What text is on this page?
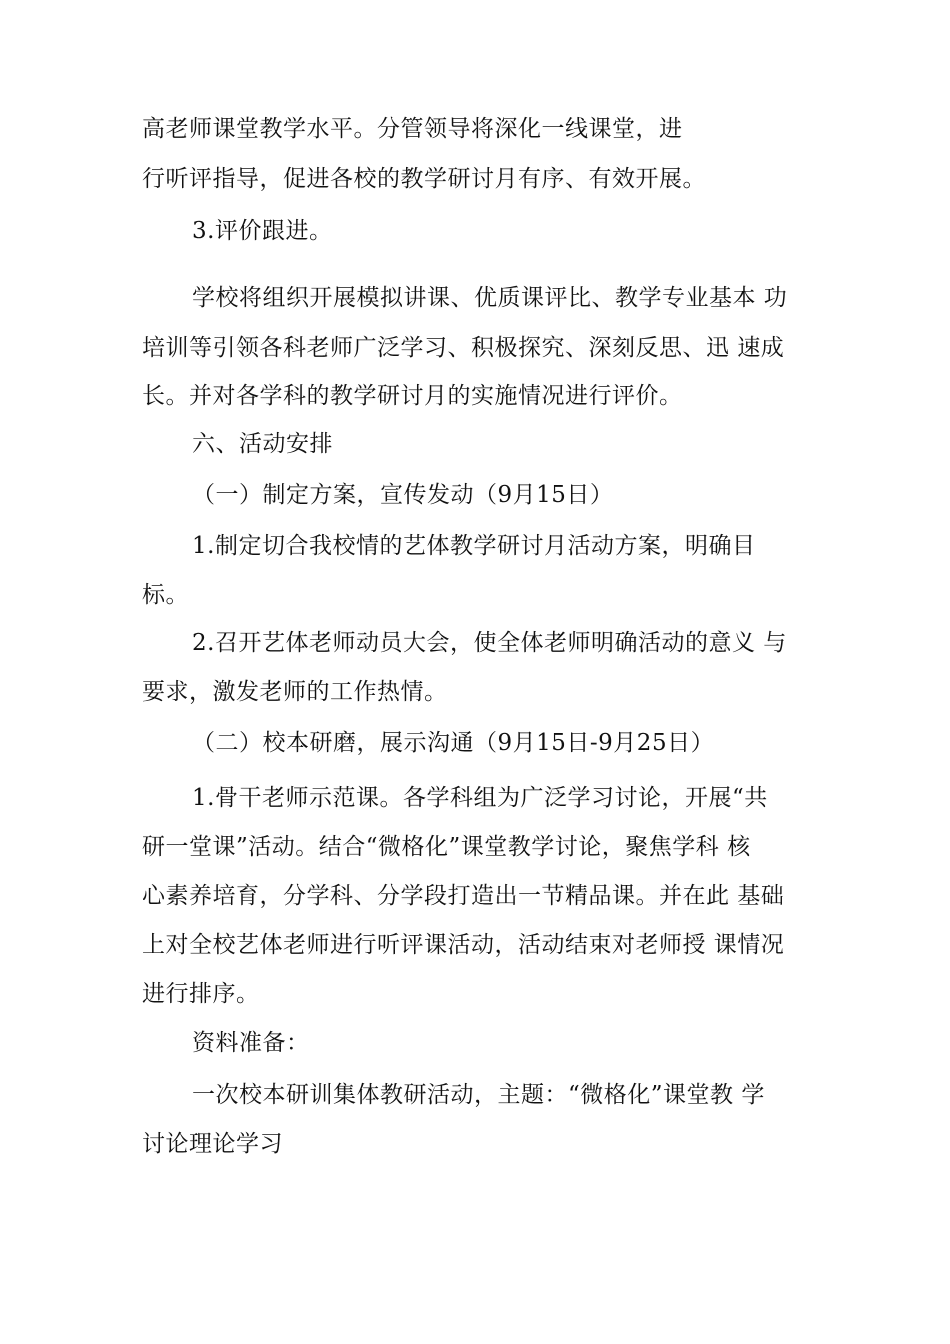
高老师课堂教学水平。分管领导将深化一线课堂，进
行听评指导，促进各校的教学研讨月有序、有效开展。
3.评价跟进。
学校将组织开展模拟讲课、优质课评比、教学专业基本 功
培训等引领各科老师广泛学习、积极探究、深刻反思、迅 速成
长。并对各学科的教学研讨月的实施情况进行评价。
六、活动安排
（一）制定方案，宣传发动（9月15日）
1.制定切合我校情的艺体教学研讨月活动方案，明确目
标。
2.召开艺体老师动员大会，使全体老师明确活动的意义 与
要求，激发老师的工作热情。
（二）校本研磨，展示沟通（9月15日-9月25日）
1.骨干老师示范课。各学科组为广泛学习讨论，开展“共
研一堂课”活动。结合“微格化”课堂教学讨论，聚焦学科 核
心素养培育，分学科、分学段打造出一节精品课。并在此 基础
上对全校艺体老师进行听评课活动，活动结束对老师授 课情况
进行排序。
资料准备：
一次校本研训集体教研活动，主题：“微格化”课堂教 学
讨论理论学习
